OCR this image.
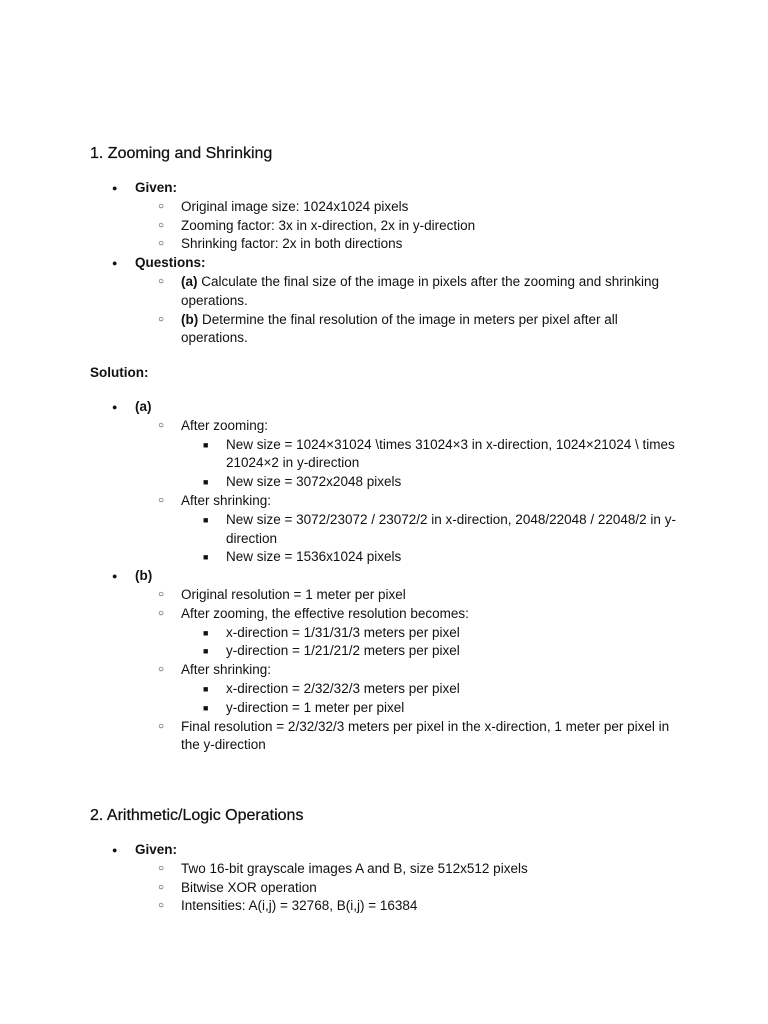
1. Zooming and Shrinking
● Given:
○ Original image size: 1024x1024 pixels
○ Zooming factor: 3x in x-direction, 2x in y-direction
○ Shrinking factor: 2x in both directions
● Questions:
○ (a) Calculate the final size of the image in pixels after the zooming and shrinking operations.
○ (b) Determine the final resolution of the image in meters per pixel after all operations.
Solution:
● (a)
○ After zooming:
■ New size = 1024×31024 \times 31024×3 in x-direction, 1024×21024 \ times 21024×2 in y-direction
■ New size = 3072x2048 pixels
○ After shrinking:
■ New size = 3072/23072 / 23072/2 in x-direction, 2048/22048 / 22048/2 in y-direction
■ New size = 1536x1024 pixels
● (b)
○ Original resolution = 1 meter per pixel
○ After zooming, the effective resolution becomes:
■ x-direction = 1/31/31/3 meters per pixel
■ y-direction = 1/21/21/2 meters per pixel
○ After shrinking:
■ x-direction = 2/32/32/3 meters per pixel
■ y-direction = 1 meter per pixel
○ Final resolution = 2/32/32/3 meters per pixel in the x-direction, 1 meter per pixel in the y-direction
2. Arithmetic/Logic Operations
● Given:
○ Two 16-bit grayscale images A and B, size 512x512 pixels
○ Bitwise XOR operation
○ Intensities: A(i,j) = 32768, B(i,j) = 16384
